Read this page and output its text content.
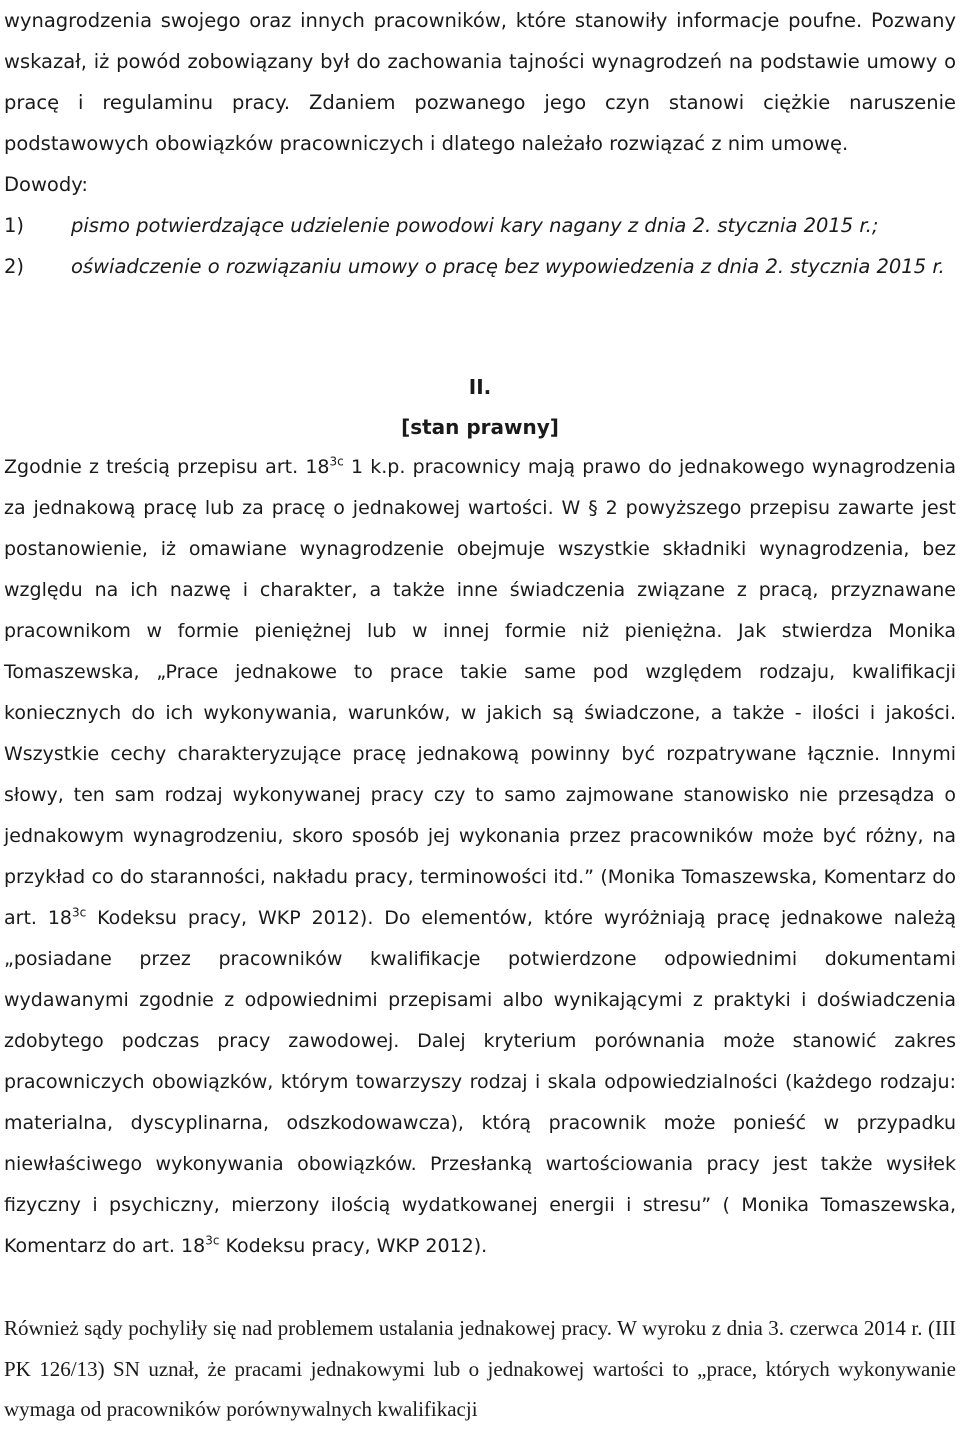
wynagrodzenia swojego oraz innych pracowników, które stanowiły informacje poufne. Pozwany wskazał, iż powód zobowiązany był do zachowania tajności wynagrodzeń na podstawie umowy o pracę i regulaminu pracy. Zdaniem pozwanego jego czyn stanowi ciężkie naruszenie podstawowych obowiązków pracowniczych i dlatego należało rozwiązać z nim umowę.

Dowody:

1)	pismo potwierdzające udzielenie powodowi kary nagany z dnia 2. stycznia 2015 r.;
2)	oświadczenie o rozwiązaniu umowy o pracę bez wypowiedzenia z dnia 2. stycznia 2015 r.

II.

[stan prawny]

Zgodnie z treścią przepisu art. $18^{3c}$ 1 k.p. pracownicy mają prawo do jednakowego wynagrodzenia za jednakową pracę lub za pracę o jednakowej wartości. W § 2 powyższego przepisu zawarte jest postanowienie, iż omawiane wynagrodzenie obejmuje wszystkie składniki wynagrodzenia, bez względu na ich nazwę i charakter, a także inne świadczenia związane z pracą, przyznawane pracownikom w formie pieniężnej lub w innej formie niż pieniężna. Jak stwierdza Monika Tomaszewska, „Prace jednakowe to prace takie same pod względem rodzaju, kwalifikacji koniecznych do ich wykonywania, warunków, w jakich są świadczone, a także - ilości i jakości. Wszystkie cechy charakteryzujące pracę jednakową powinny być rozpatrywane łącznie. Innymi słowy, ten sam rodzaj wykonywanej pracy czy to samo zajmowane stanowisko nie przesądza o jednakowym wynagrodzeniu, skoro sposób jej wykonania przez pracowników może być różny, na przykład co do staranności, nakładu pracy, terminowości itd.” (Monika Tomaszewska, Komentarz do art. $18^{3c}$ Kodeksu pracy, WKP 2012). Do elementów, które wyróżniają pracę jednakowe należą „posiadane przez pracowników kwalifikacje potwierdzone odpowiednimi dokumentami wydawanymi zgodnie z odpowiednimi przepisami albo wynikającymi z praktyki i doświadczenia zdobytego podczas pracy zawodowej. Dalej kryterium porównania może stanowić zakres pracowniczych obowiązków, którym towarzyszy rodzaj i skala odpowiedzialności (każdego rodzaju: materialna, dyscyplinarna, odszkodowawcza), którą pracownik może ponieść w przypadku niewłaściwego wykonywania obowiązków. Przesłanką wartościowania pracy jest także wysiłek fizyczny i psychiczny, mierzony ilością wydatkowanej energii i stresu” ( Monika Tomaszewska, Komentarz do art. $18^{3c}$ Kodeksu pracy, WKP 2012).

Również sądy pochyliły się nad problemem ustalania jednakowej pracy. W wyroku z dnia 3. czerwca 2014 r. (III PK 126/13) SN uznał, że pracami jednakowymi lub o jednakowej wartości to „prace, których wykonywanie wymaga od pracowników porównywalnych kwalifikacji
